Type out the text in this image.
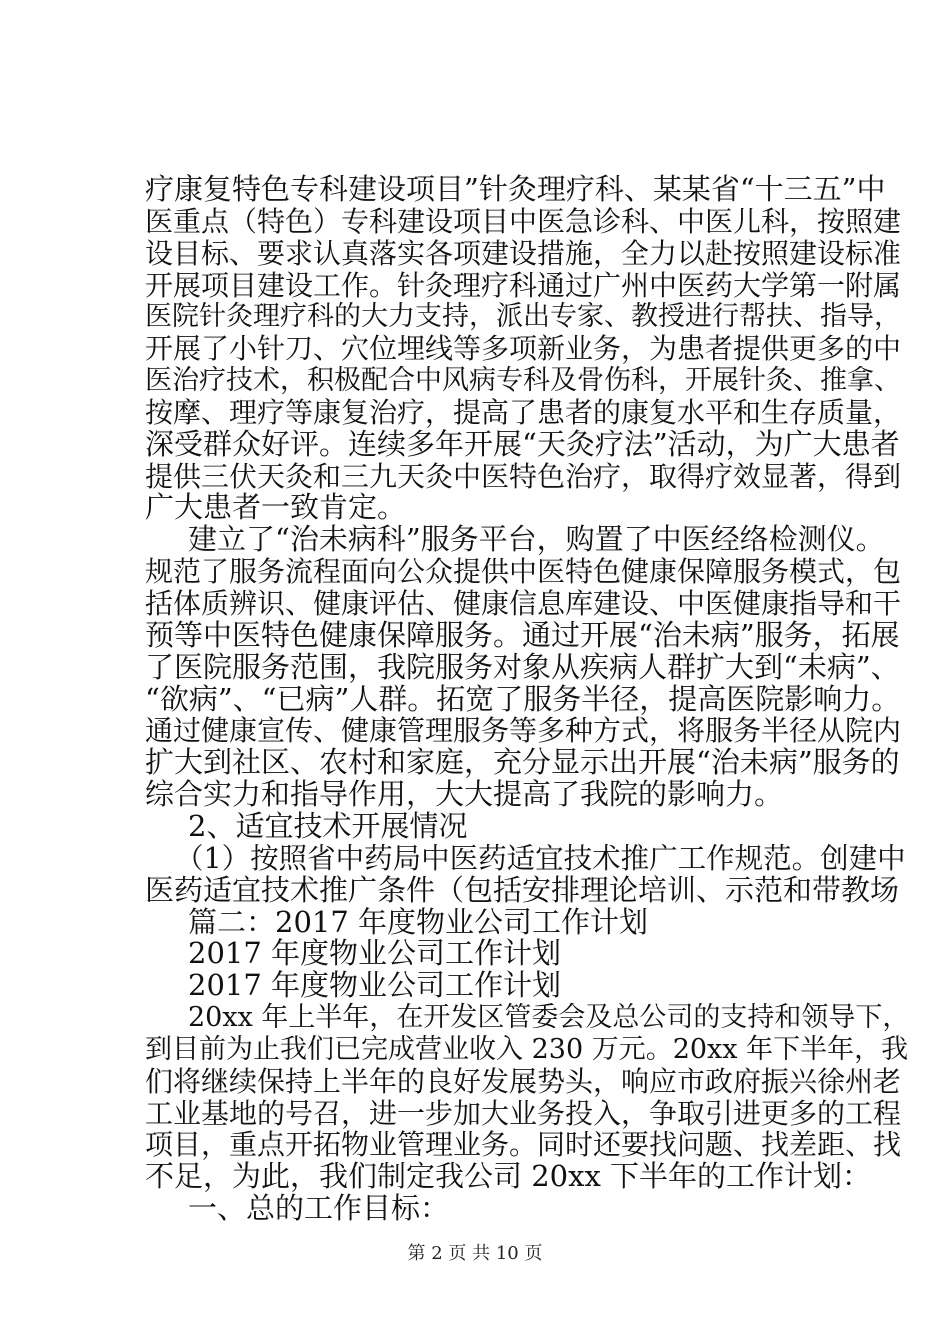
疗康复特色专科建设项目”针灸理疗科、某某省“十三五”中
医重点（特色）专科建设项目中医急诊科、中医儿科，按照建
设目标、要求认真落实各项建设措施，全力以赴按照建设标准
开展项目建设工作。针灸理疗科通过广州中医药大学第一附属
医院针灸理疗科的大力支持，派出专家、教授进行帮扶、指导，
开展了小针刀、穴位埋线等多项新业务，为患者提供更多的中
医治疗技术，积极配合中风病专科及骨伤科，开展针灸、推拿、
按摩、理疗等康复治疗，提高了患者的康复水平和生存质量，
深受群众好评。连续多年开展“天灸疗法”活动，为广大患者
提供三伏天灸和三九天灸中医特色治疗，取得疗效显著，得到
广大患者一致肯定。
建立了“治未病科”服务平台，购置了中医经络检测仪。
规范了服务流程面向公众提供中医特色健康保障服务模式，包
括体质辨识、健康评估、健康信息库建设、中医健康指导和干
预等中医特色健康保障服务。通过开展“治未病”服务，拓展
了医院服务范围，我院服务对象从疾病人群扩大到“未病”、
“欲病”、“已病”人群。拓宽了服务半径，提高医院影响力。
通过健康宣传、健康管理服务等多种方式，将服务半径从院内
扩大到社区、农村和家庭，充分显示出开展“治未病”服务的
综合实力和指导作用，大大提高了我院的影响力。
2、适宜技术开展情况
（1）按照省中药局中医药适宜技术推广工作规范。创建中
医药适宜技术推广条件（包括安排理论培训、示范和带教场
篇二：2017 年度物业公司工作计划
2017 年度物业公司工作计划
2017 年度物业公司工作计划
20xx 年上半年，在开发区管委会及总公司的支持和领导下，
到目前为止我们已完成营业收入 230 万元。20xx 年下半年，我
们将继续保持上半年的良好发展势头，响应市政府振兴徐州老
工业基地的号召，进一步加大业务投入，争取引进更多的工程
项目，重点开拓物业管理业务。同时还要找问题、找差距、找
不足，为此，我们制定我公司 20xx 下半年的工作计划：
一、总的工作目标：
第 2 页 共 10 页
